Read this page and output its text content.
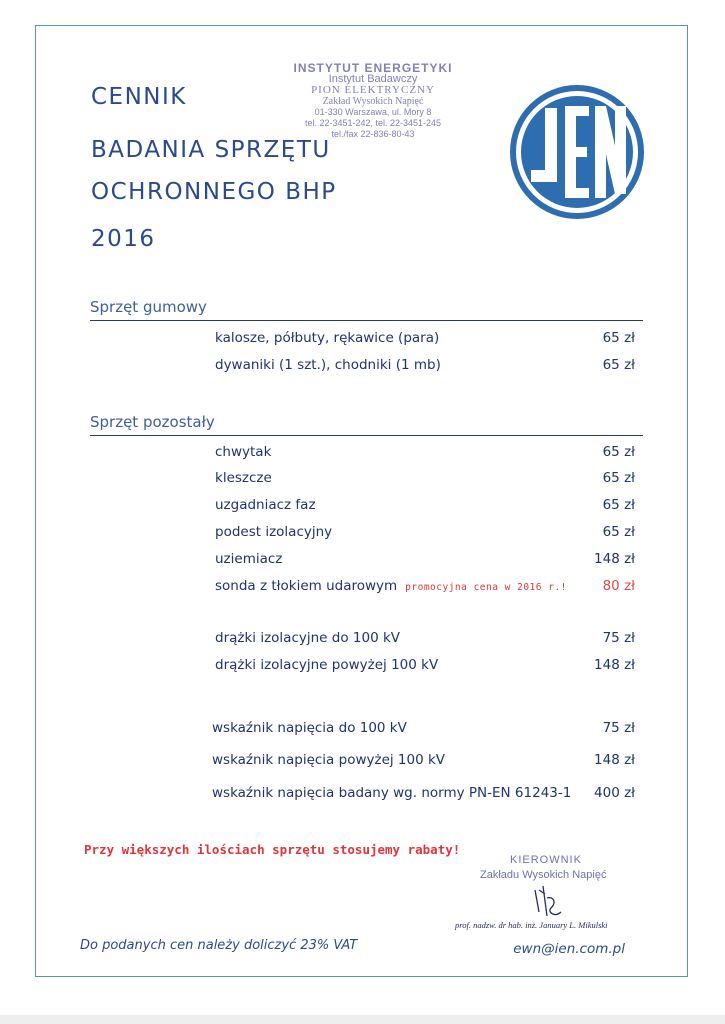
CENNIK
BADANIA SPRZĘTU
OCHRONNEGO BHP
2016
INSTYTUT ENERGETYKI
Instytut Badawczy
PION ELEKTRYCZNY
Zakład Wysokich Napięć
01-330 Warszawa, ul. Mory 8
tel. 22-3451-242, tel. 22-3451-245
tel./fax 22-836-80-43
Sprzęt gumowy
kalosze, półbuty, rękawice (para)	65 zł
dywaniki (1 szt.), chodniki (1 mb)	65 zł
Sprzęt pozostały
chwytak	65 zł
kleszcze	65 zł
uzgadniacz faz	65 zł
podest izolacyjny	65 zł
uziemiacz	148 zł
sonda z tłokiem udarowym promocyjna cena w 2016 r.!	80 zł
drążki izolacyjne do 100 kV	75 zł
drążki izolacyjne powyżej 100 kV	148 zł
wskaźnik napięcia do 100 kV	75 zł
wskaźnik napięcia powyżej 100 kV	148 zł
wskaźnik napięcia badany wg. normy PN-EN 61243-1 400 zł
Przy większych ilościach sprzętu stosujemy rabaty!
KIEROWNIK
Zakładu Wysokich Napięć
prof. nadzw. dr hab. inż. January L. Mikulski
Do podanych cen należy doliczyć 23% VAT	ewn@ien.com.pl
